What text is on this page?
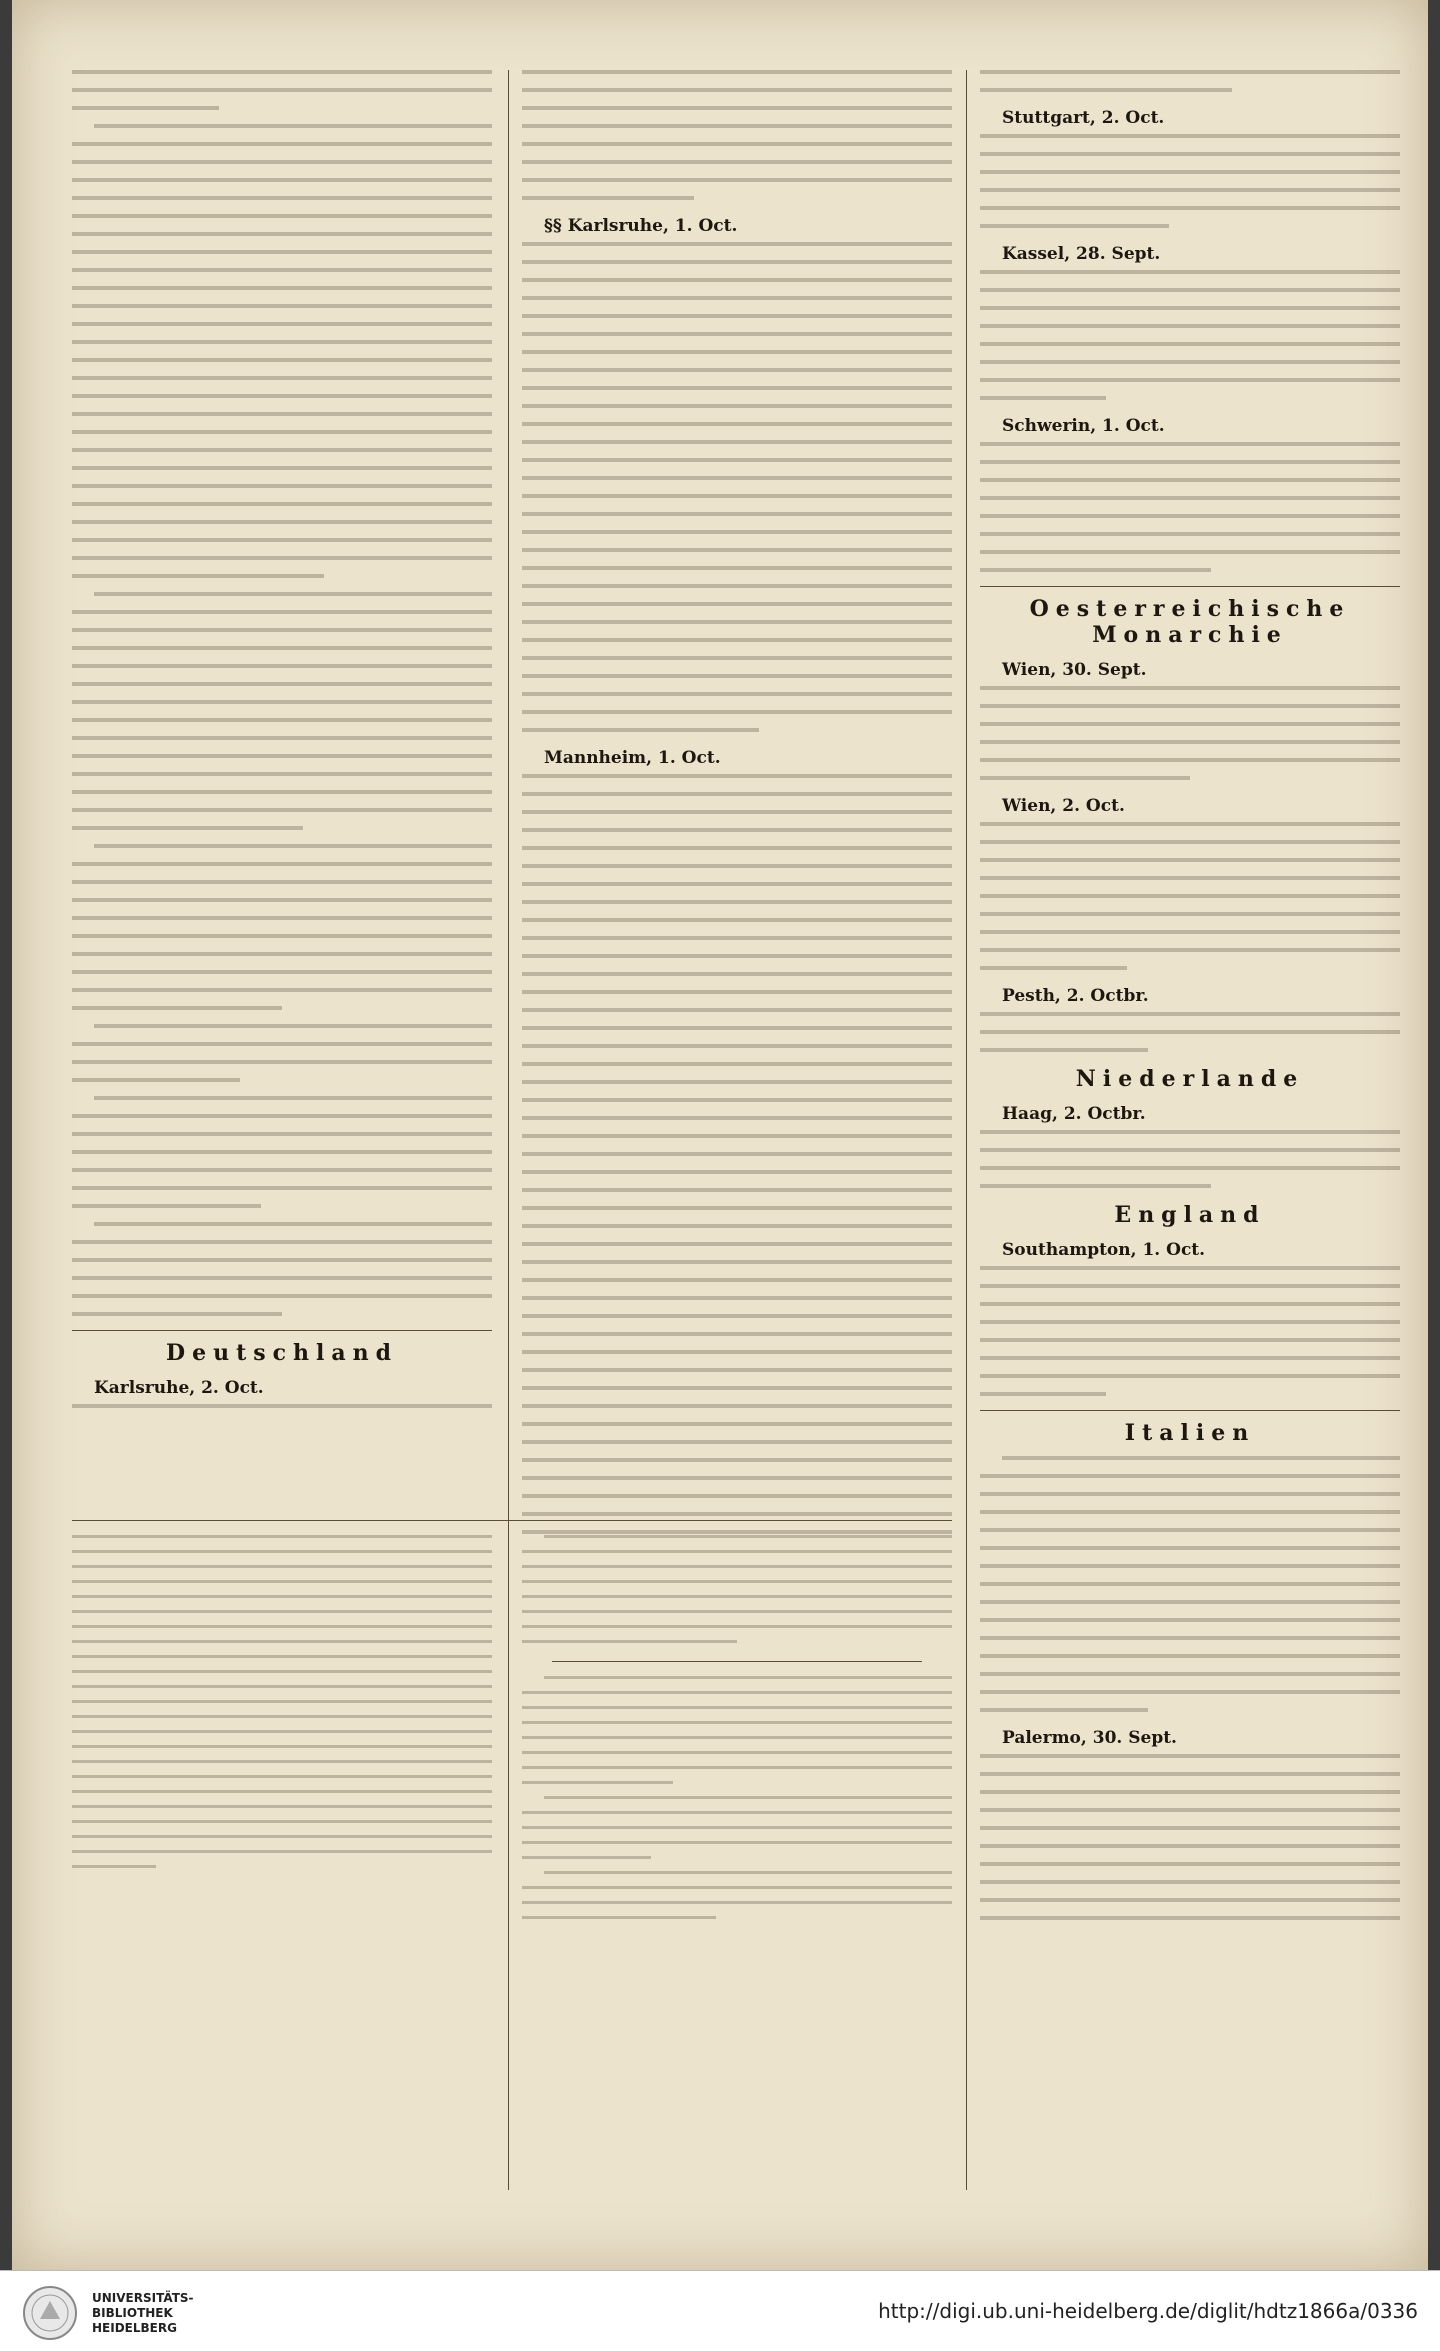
Deutschland
Karlsruhe, 2. Oct.
§§ Karlsruhe, 1. Oct.
Mannheim, 1. Oct.
Stuttgart, 2. Oct.
Kassel, 28. Sept.
Schwerin, 1. Oct.
Oesterreichische Monarchie
Wien, 30. Sept.
Wien, 2. Oct.
Pesth, 2. Octbr.
Niederlande
Haag, 2. Octbr.
England
Southampton, 1. Oct.
Italien
Palermo, 30. Sept.
UNIVERSITÄTS-
BIBLIOTHEK
HEIDELBERG
http://digi.ub.uni-heidelberg.de/diglit/hdtz1866a/0336
